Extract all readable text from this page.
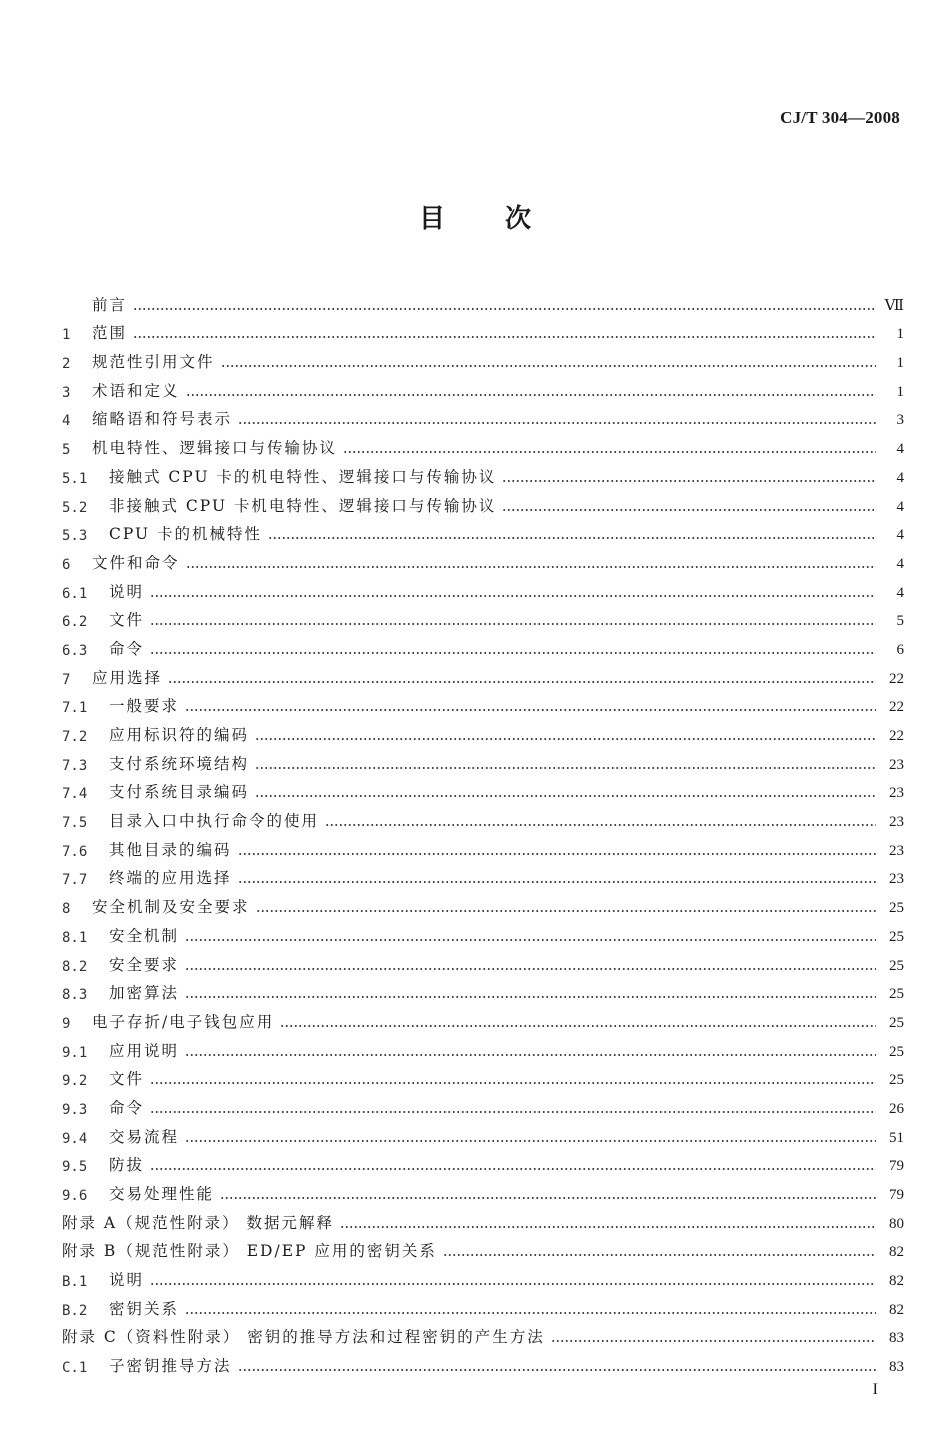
CJ/T 304—2008
目次
前言	Ⅶ
1	范围	1
2	规范性引用文件	1
3	术语和定义	1
4	缩略语和符号表示	3
5	机电特性、逻辑接口与传输协议	4
5.1	接触式 CPU 卡的机电特性、逻辑接口与传输协议	4
5.2	非接触式 CPU 卡机电特性、逻辑接口与传输协议	4
5.3	CPU 卡的机械特性	4
6	文件和命令	4
6.1	说明	4
6.2	文件	5
6.3	命令	6
7	应用选择	22
7.1	一般要求	22
7.2	应用标识符的编码	22
7.3	支付系统环境结构	23
7.4	支付系统目录编码	23
7.5	目录入口中执行命令的使用	23
7.6	其他目录的编码	23
7.7	终端的应用选择	23
8	安全机制及安全要求	25
8.1	安全机制	25
8.2	安全要求	25
8.3	加密算法	25
9	电子存折/电子钱包应用	25
9.1	应用说明	25
9.2	文件	25
9.3	命令	26
9.4	交易流程	51
9.5	防拔	79
9.6	交易处理性能	79
附录 A（规范性附录） 数据元解释	80
附录 B（规范性附录） ED/EP 应用的密钥关系	82
B.1	说明	82
B.2	密钥关系	82
附录 C（资料性附录） 密钥的推导方法和过程密钥的产生方法	83
C.1	子密钥推导方法	83
I
